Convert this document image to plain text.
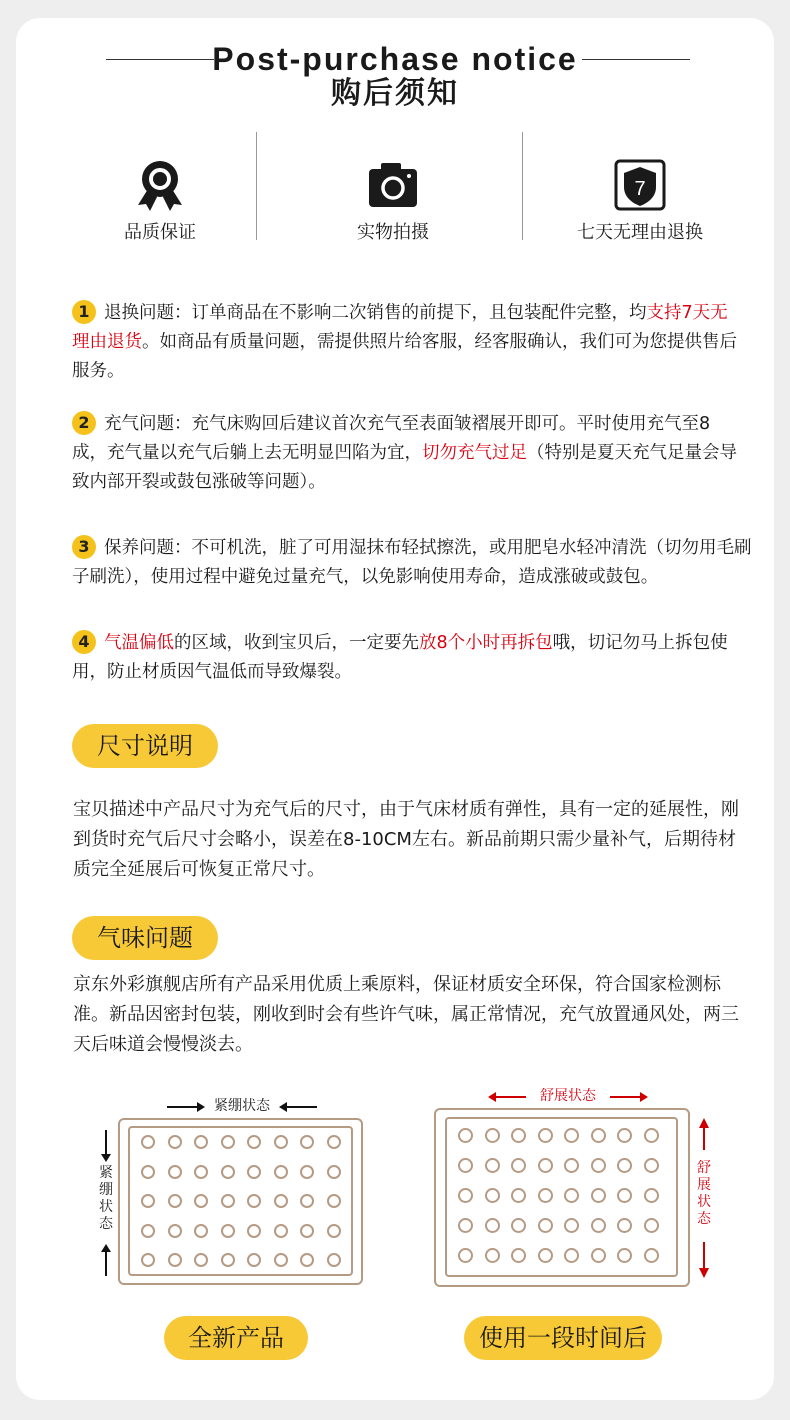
Post-purchase notice
购后须知
品质保证	实物拍摄
7
七天无理由退换
1 退换问题：订单商品在不影响二次销售的前提下，且包装配件完整，均支持7天无理由退货。如商品有质量问题，需提供照片给客服，经客服确认，我们可为您提供售后服务。
2 充气问题：充气床购回后建议首次充气至表面皱褶展开即可。平时使用充气至8成，充气量以充气后躺上去无明显凹陷为宜，切勿充气过足（特别是夏天充气足量会导致内部开裂或鼓包涨破等问题）。
3 保养问题：不可机洗，脏了可用湿抹布轻拭擦洗，或用肥皂水轻冲清洗（切勿用毛刷子刷洗），使用过程中避免过量充气，以免影响使用寿命，造成涨破或鼓包。
4 气温偏低的区域，收到宝贝后，一定要先放8个小时再拆包哦，切记勿马上拆包使用，防止材质因气温低而导致爆裂。
尺寸说明
宝贝描述中产品尺寸为充气后的尺寸，由于气床材质有弹性，具有一定的延展性，刚到货时充气后尺寸会略小，误差在8-10CM左右。新品前期只需少量补气，后期待材质完全延展后可恢复正常尺寸。
气味问题
京东外彩旗舰店所有产品采用优质上乘原料，保证材质安全环保，符合国家检测标准。新品因密封包装，刚收到时会有些许气味，属正常情况，充气放置通风处，两三天后味道会慢慢淡去。
紧绷状态
紧
绷
状
态
全新产品
舒展状态
舒
展
状
态
使用一段时间后
